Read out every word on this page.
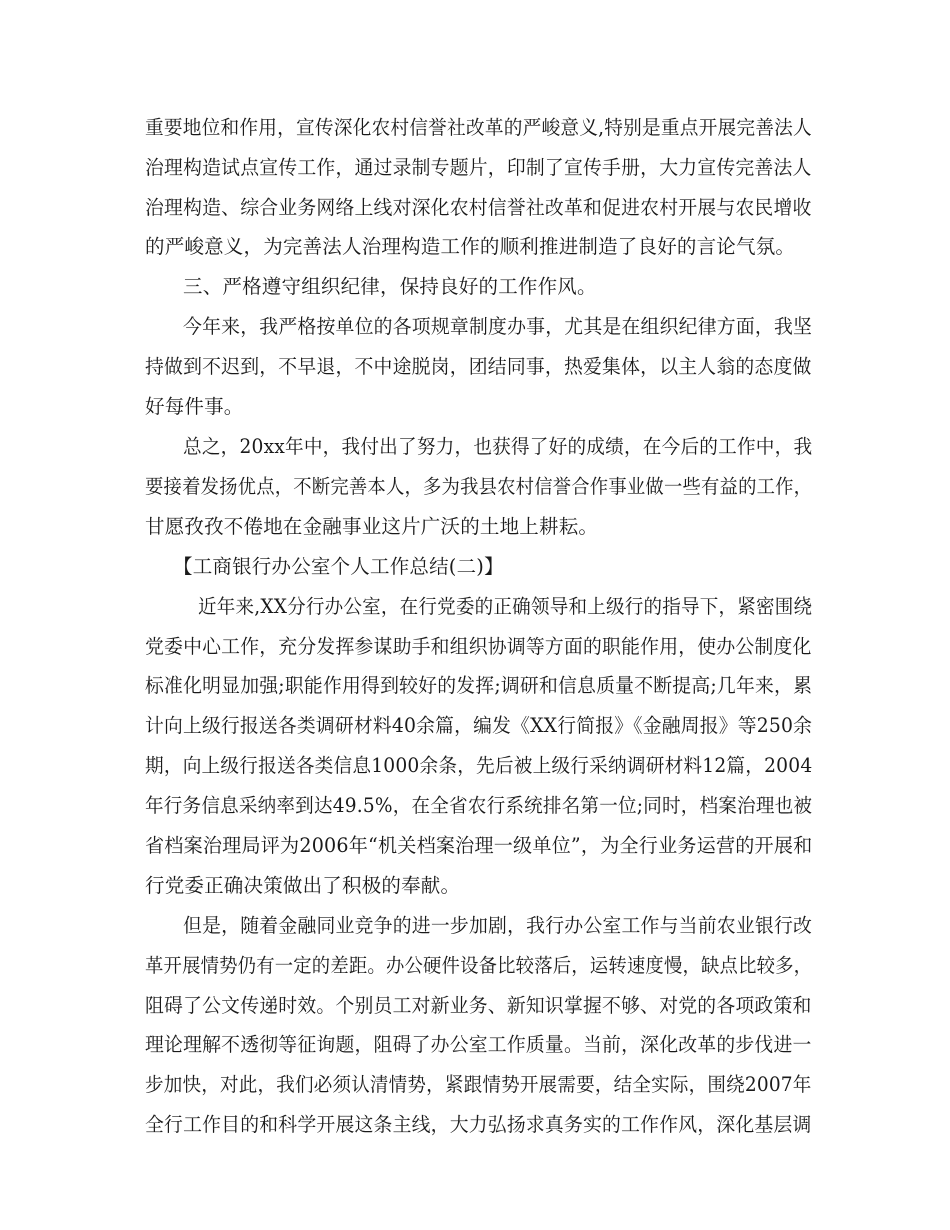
重要地位和作用，宣传深化农村信誉社改革的严峻意义,特别是重点开展完善法人
治理构造试点宣传工作，通过录制专题片，印制了宣传手册，大力宣传完善法人
治理构造、综合业务网络上线对深化农村信誉社改革和促进农村开展与农民增收
的严峻意义，为完善法人治理构造工作的顺利推进制造了良好的言论气氛。
三、严格遵守组织纪律，保持良好的工作作风。
今年来，我严格按单位的各项规章制度办事，尤其是在组织纪律方面，我坚
持做到不迟到，不早退，不中途脱岗，团结同事，热爱集体，以主人翁的态度做
好每件事。
总之，20xx年中，我付出了努力，也获得了好的成绩，在今后的工作中，我
要接着发扬优点，不断完善本人，多为我县农村信誉合作事业做一些有益的工作，
甘愿孜孜不倦地在金融事业这片广沃的土地上耕耘。
【工商银行办公室个人工作总结(二)】
近年来,XX分行办公室，在行党委的正确领导和上级行的指导下，紧密围绕
党委中心工作，充分发挥参谋助手和组织协调等方面的职能作用，使办公制度化
标准化明显加强;职能作用得到较好的发挥;调研和信息质量不断提高;几年来，累
计向上级行报送各类调研材料40余篇，编发《XX行简报》《金融周报》等250余
期，向上级行报送各类信息1000余条，先后被上级行采纳调研材料12篇，2004
年行务信息采纳率到达49.5%，在全省农行系统排名第一位;同时，档案治理也被
省档案治理局评为2006年“机关档案治理一级单位”，为全行业务运营的开展和
行党委正确决策做出了积极的奉献。
但是，随着金融同业竞争的进一步加剧，我行办公室工作与当前农业银行改
革开展情势仍有一定的差距。办公硬件设备比较落后，运转速度慢，缺点比较多，
阻碍了公文传递时效。个别员工对新业务、新知识掌握不够、对党的各项政策和
理论理解不透彻等征询题，阻碍了办公室工作质量。当前，深化改革的步伐进一
步加快，对此，我们必须认清情势，紧跟情势开展需要，结全实际，围绕2007年
全行工作目的和科学开展这条主线，大力弘扬求真务实的工作作风，深化基层调
